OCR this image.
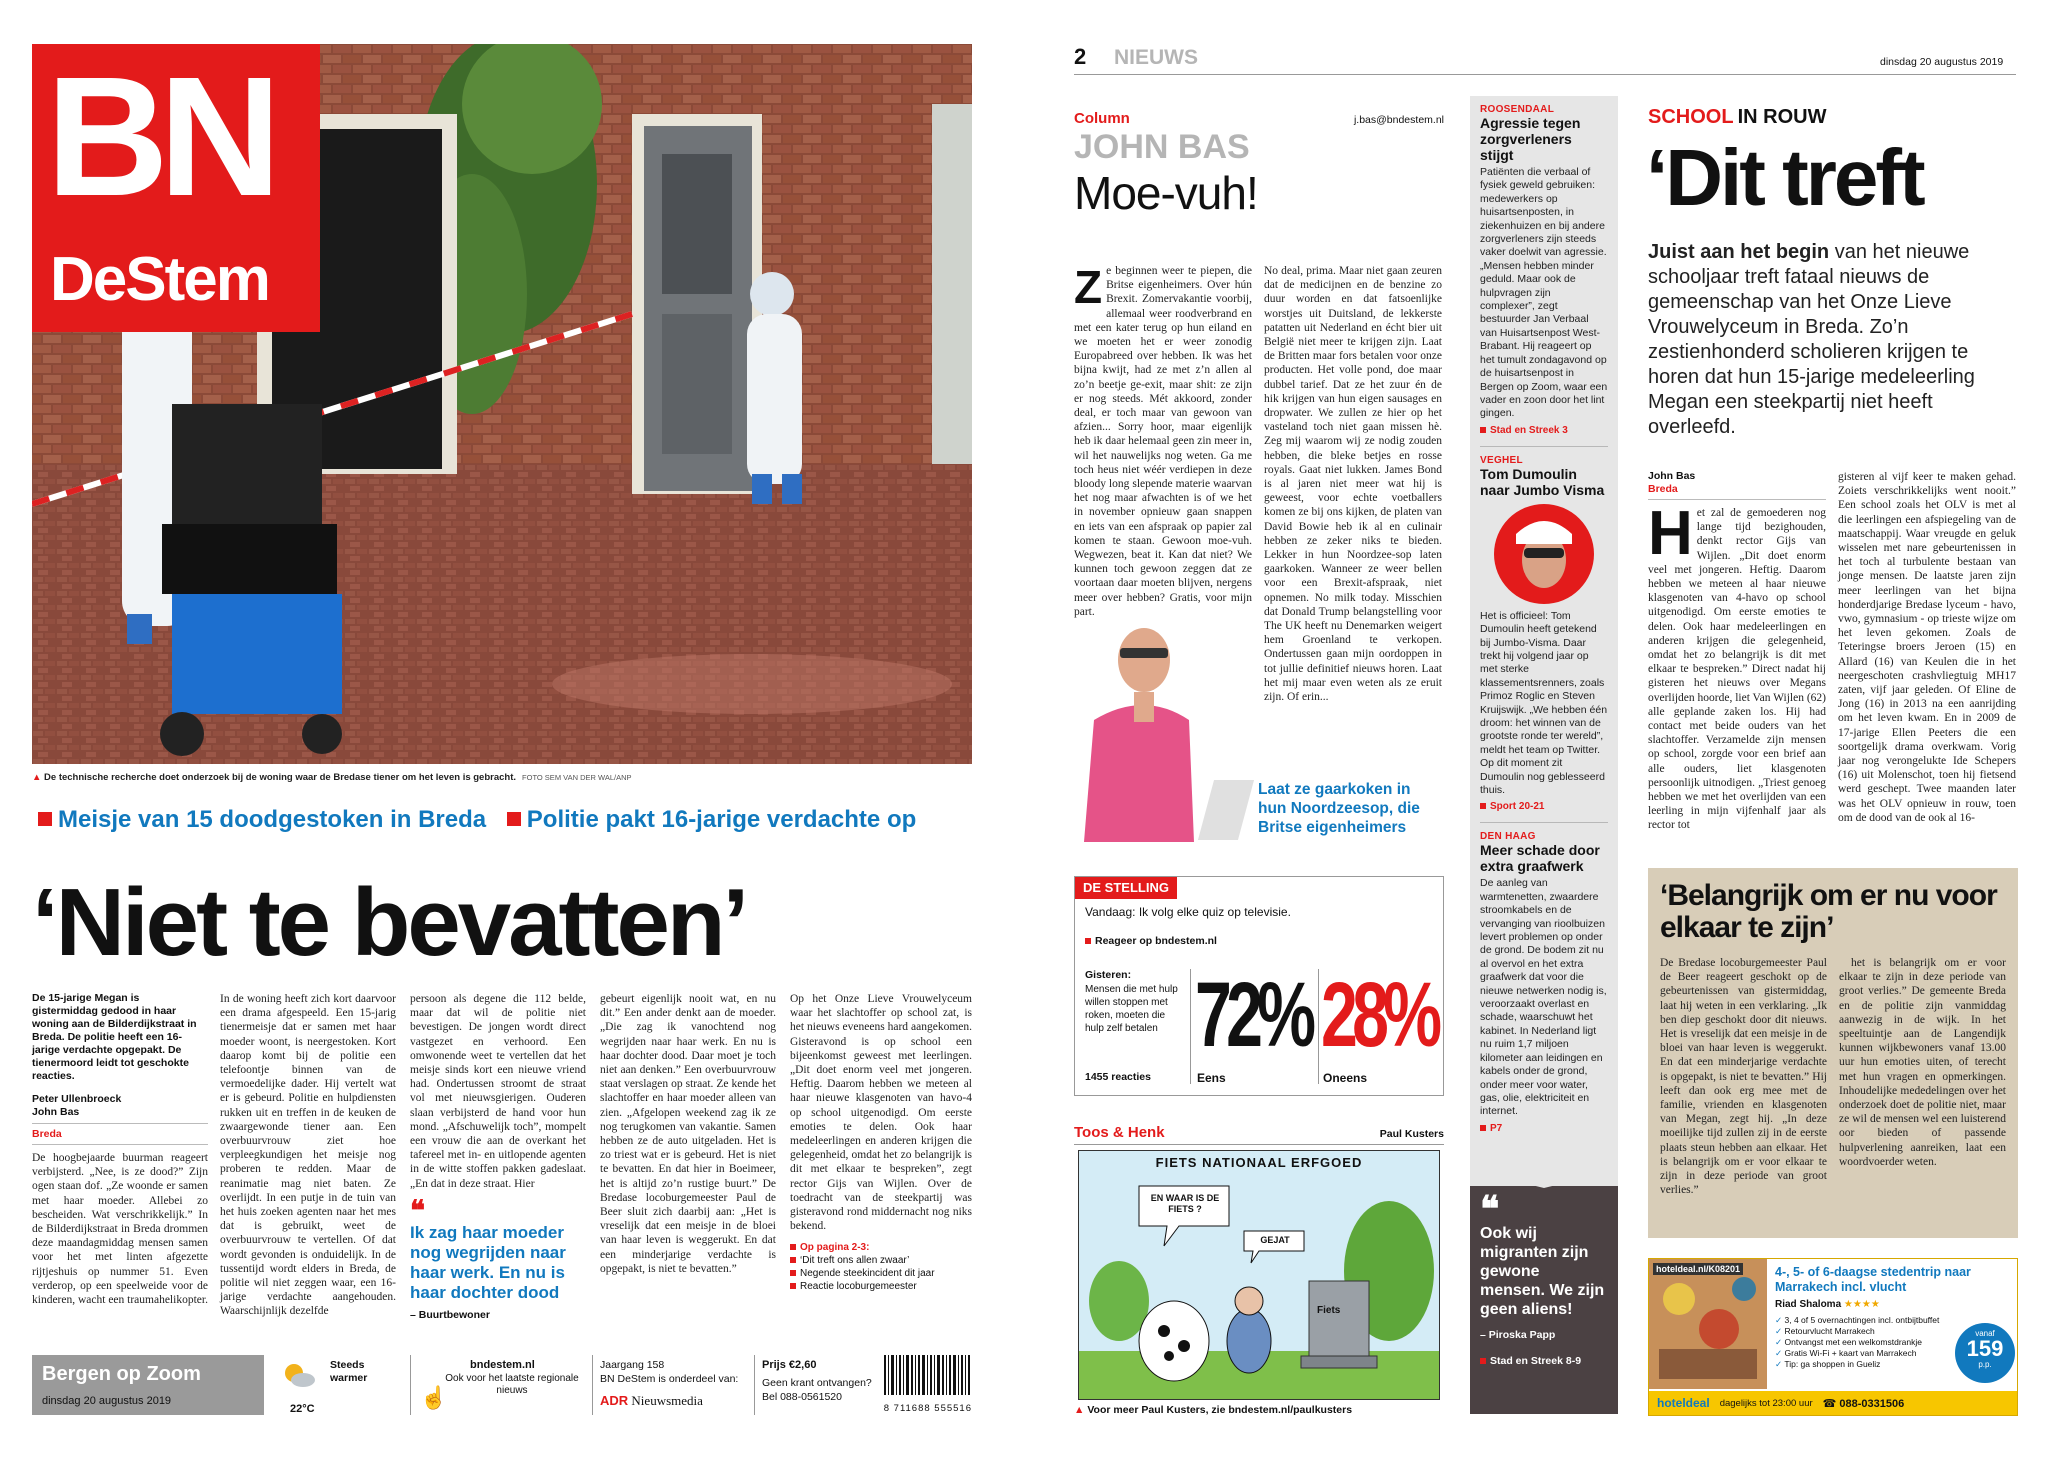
BN
DeStem
▲ De technische recherche doet onderzoek bij de woning waar de Bredase tiener om het leven is gebracht. FOTO SEM VAN DER WAL/ANP
Meisje van 15 doodgestoken in Breda Politie pakt 16-jarige verdachte op
‘Niet te bevatten’
De 15-jarige Megan is gistermiddag gedood in haar woning aan de Bilderdijkstraat in Breda. De politie heeft een 16-jarige verdachte opgepakt. De tienermoord leidt tot geschokte reacties.
Peter Ullenbroeck
John Bas
Breda

De hoogbejaarde buurman reageert verbijsterd. „Nee, is ze dood?” Zijn ogen staan dof. „Ze woonde er samen met haar moeder. Allebei zo bescheiden. Wat verschrikkelijk.” In de Bilderdijkstraat in Breda drommen deze maandagmiddag mensen samen voor het met linten afgezette rijtjeshuis op nummer 51. Even verderop, op een speelweide voor de kinderen, wacht een traumahelikopter.

In de woning heeft zich kort daarvoor een drama afgespeeld. Een 15-jarig tienermeisje dat er samen met haar moeder woont, is neergestoken. Kort daarop komt bij de politie een telefoontje binnen van de vermoedelijke dader. Hij vertelt wat er is gebeurd. Politie en hulpdiensten rukken uit en treffen in de keuken de zwaargewonde tiener aan. Een overbuurvrouw ziet hoe verpleegkundigen het meisje nog proberen te redden. Maar de reanimatie mag niet baten. Ze overlijdt. In een putje in de tuin van het huis zoeken agenten naar het mes dat is gebruikt, weet de overbuurvrouw te vertellen. Of dat wordt gevonden is onduidelijk. In de tussentijd wordt elders in Breda, de politie wil niet zeggen waar, een 16-jarige verdachte aangehouden. Waarschijnlijk dezelfde

persoon als degene die 112 belde, maar dat wil de politie niet bevestigen. De jongen wordt direct vastgezet en verhoord. Een omwonende weet te vertellen dat het meisje sinds kort een nieuwe vriend had. Ondertussen stroomt de straat vol met nieuwsgierigen. Ouderen slaan verbijsterd de hand voor hun mond. „Afschuwelijk toch”, mompelt een vrouw die aan de overkant het tafereel met in- en uitlopende agenten in de witte stoffen pakken gadeslaat. „En dat in deze straat. Hier

❝
Ik zag haar moeder nog wegrijden naar haar werk. En nu is haar dochter dood
– Buurtbewoner

gebeurt eigenlijk nooit wat, en nu dit.” Een ander denkt aan de moeder. „Die zag ik vanochtend nog wegrijden naar haar werk. En nu is haar dochter dood. Daar moet je toch niet aan denken.” Een overbuurvrouw staat verslagen op straat. Ze kende het slachtoffer en haar moeder alleen van zien. „Afgelopen weekend zag ik ze nog terugkomen van vakantie. Samen hebben ze de auto uitgeladen. Het is zo triest wat er is gebeurd. Het is niet te bevatten. En dat hier in Boeimeer, het is altijd zo’n rustige buurt.” De Bredase locoburgemeester Paul de Beer sluit zich daarbij aan: „Het is vreselijk dat een meisje in de bloei van haar leven is weggerukt. En dat een minderjarige verdachte is opgepakt, is niet te bevatten.”

Op het Onze Lieve Vrouwelyceum waar het slachtoffer op school zat, is het nieuws eveneens hard aangekomen. Gisteravond is op school een bijeenkomst geweest met leerlingen. „Dit doet enorm veel met jongeren. Heftig. Daarom hebben we meteen al haar nieuwe klasgenoten van havo-4 op school uitgenodigd. Om eerste emoties te delen. Ook haar medeleerlingen en anderen krijgen die gelegenheid, omdat het zo belangrijk is dit met elkaar te bespreken”, zegt rector Gijs van Wijlen. Over de toedracht van de steekpartij was gisteravond rond middernacht nog niks bekend.

Op pagina 2-3:
‘Dit treft ons allen zwaar’
Negende steekincident dit jaar
Reactie locoburgemeester
Bergen op Zoom
dinsdag 20 augustus 2019
Steeds warmer
22°C	☝
bndestem.nl
Ook voor het laatste regionale nieuws
Jaargang 158
BN DeStem is onderdeel van:
ADR Nieuwsmedia
Prijs €2,60
Geen krant ontvangen?
Bel 088-0561520
8 711688 555516
2 NIEUWS	dinsdag 20 augustus 2019
Column	j.bas@bndestem.nl
JOHN BAS
Moe-vuh!
Z e beginnen weer te piepen, die Britse eigenheimers. Over hún Brexit. Zomervakantie voorbij, allemaal weer roodverbrand en met een kater terug op hun eiland en we moeten het er weer zonodig Europabreed over hebben. Ik was het bijna kwijt, had ze met z’n allen al zo’n beetje ge-exit, maar shit: ze zijn er nog steeds. Mét akkoord, zonder deal, er toch maar van gewoon van afzien... Sorry hoor, maar eigenlijk heb ik daar helemaal geen zin meer in, wil het nauwelijks nog weten. Ga me toch heus niet wéér verdiepen in deze bloody long slepende materie waarvan het nog maar afwachten is of we het in november opnieuw gaan snappen en iets van een afspraak op papier zal komen te staan. Gewoon moe-vuh. Wegwezen, beat it. Kan dat niet? We kunnen toch gewoon zeggen dat ze voortaan daar moeten blijven, nergens meer over hebben? Gratis, voor mijn part.

No deal, prima. Maar niet gaan zeuren dat de medicijnen en de benzine zo duur worden en dat fatsoenlijke worstjes uit Duitsland, de lekkerste patatten uit Nederland en écht bier uit België niet meer te krijgen zijn. Laat de Britten maar fors betalen voor onze producten. Het volle pond, doe maar dubbel tarief. Dat ze het zuur én de hik krijgen van hun eigen sausages en dropwater. We zullen ze hier op het vasteland toch niet gaan missen hè. Zeg mij waarom wij ze nodig zouden hebben, die bleke betjes en rosse royals. Gaat niet lukken. James Bond is al jaren niet meer wat hij is geweest, voor echte voetballers komen ze bij ons kijken, de platen van David Bowie heb ik al en culinair hebben ze zeker niks te bieden. Lekker in hun Noordzee-sop laten gaarkoken. Wanneer ze weer bellen voor een Brexit-afspraak, niet opnemen. No milk today. Misschien dat Donald Trump belangstelling voor The UK heeft nu Denemarken weigert hem Groenland te verkopen. Ondertussen gaan mijn oordoppen in tot jullie definitief nieuws horen. Laat het mij maar even weten als ze eruit zijn. Of erin...

Laat ze gaarkoken in hun Noordzeesop, die Britse eigenheimers
DE STELLING
Vandaag: Ik volg elke quiz op televisie.
Reageer op bndestem.nl
Gisteren:
Mensen die met hulp willen stoppen met roken, moeten die hulp zelf betalen
1455 reacties
72%
Eens
28%
Oneens
Toos & Henk	Paul Kusters
FIETS NATIONAAL ERFGOED
EN WAAR IS DE FIETS ?
GEJAT
Fiets
▲ Voor meer Paul Kusters, zie bndestem.nl/paulkusters
ROOSENDAAL
Agressie tegen zorgverleners stijgt
Patiënten die verbaal of fysiek geweld gebruiken: medewerkers op huisartsenposten, in ziekenhuizen en bij andere zorgverleners zijn steeds vaker doelwit van agressie. „Mensen hebben minder geduld. Maar ook de hulpvragen zijn complexer”, zegt bestuurder Jan Verbaal van Huisartsenpost West-Brabant. Hij reageert op het tumult zondagavond op de huisartsenpost in Bergen op Zoom, waar een vader en zoon door het lint gingen.
Stad en Streek 3
VEGHEL
Tom Dumoulin naar Jumbo Visma
Het is officieel: Tom Dumoulin heeft getekend bij Jumbo-Visma. Daar trekt hij volgend jaar op met sterke klassementsrenners, zoals Primoz Roglic en Steven Kruijswijk. „We hebben één droom: het winnen van de grootste ronde ter wereld”, meldt het team op Twitter. Op dit moment zit Dumoulin nog geblesseerd thuis.
Sport 20-21
DEN HAAG
Meer schade door extra graafwerk
De aanleg van warmtenetten, zwaardere stroomkabels en de vervanging van rioolbuizen levert problemen op onder de grond. De bodem zit nu al overvol en het extra graafwerk dat voor die nieuwe netwerken nodig is, veroorzaakt overlast en schade, waarschuwt het kabinet. In Nederland ligt nu ruim 1,7 miljoen kilometer aan leidingen en kabels onder de grond, onder meer voor water, gas, olie, elektriciteit en internet.
P7
❝
Ook wij migranten zijn gewone mensen. We zijn geen aliens!
– Piroska Papp
Stad en Streek 8-9
SCHOOL IN ROUW
‘Dit treft
Juist aan het begin van het nieuwe schooljaar treft fataal nieuws de gemeenschap van het Onze Lieve Vrouwelyceum in Breda. Zo’n zestienhonderd scholieren krijgen te horen dat hun 15-jarige medeleerling Megan een steekpartij niet heeft overleefd.
John Bas
Breda
H et zal de gemoederen nog lange tijd bezighouden, denkt rector Gijs van Wijlen. „Dit doet enorm veel met jongeren. Heftig. Daarom hebben we meteen al haar nieuwe klasgenoten van 4-havo op school uitgenodigd. Om eerste emoties te delen. Ook haar medeleerlingen en anderen krijgen die gelegenheid, omdat het zo belangrijk is dit met elkaar te bespreken.” Direct nadat hij gisteren het nieuws over Megans overlijden hoorde, liet Van Wijlen (62) alle geplande zaken los. Hij had contact met beide ouders van het slachtoffer. Verzamelde zijn mensen op school, zorgde voor een brief aan alle ouders, liet klasgenoten persoonlijk uitnodigen. „Triest genoeg hebben we met het overlijden van een leerling in mijn vijfenhalf jaar als rector tot

gisteren al vijf keer te maken gehad. Zoiets verschrikkelijks went nooit.” Een school zoals het OLV is met al die leerlingen een afspiegeling van de maatschappij. Waar vreugde en geluk wisselen met nare gebeurtenissen in het toch al turbulente bestaan van jonge mensen. De laatste jaren zijn meer leerlingen van het bijna honderdjarige Bredase lyceum - havo, vwo, gymnasium - op trieste wijze om het leven gekomen. Zoals de Teteringse broers Jeroen (15) en Allard (16) van Keulen die in het neergeschoten crashvliegtuig MH17 zaten, vijf jaar geleden. Of Eline de Jong (16) in 2013 na een aanrijding om het leven kwam. En in 2009 de 17-jarige Ellen Peeters die een soortgelijk drama overkwam. Vorig jaar nog verongelukte Ide Schepers (16) uit Molenschot, toen hij fietsend werd geschept. Twee maanden later was het OLV opnieuw in rouw, toen om de dood van de ook al 16-

‘Belangrijk om er nu voor elkaar te zijn’

De Bredase locoburgemeester Paul de Beer reageert geschokt op de gebeurtenissen van gistermiddag, laat hij weten in een verklaring. „Ik ben diep geschokt door dit nieuws. Het is vreselijk dat een meisje in de bloei van haar leven is weggerukt. En dat een minderjarige verdachte is opgepakt, is niet te bevatten.” Hij leeft dan ook erg mee met de familie, vrienden en klasgenoten van Megan, zegt hij. „In deze moeilijke tijd zullen zij in de eerste plaats steun hebben aan elkaar. Het is belangrijk om er voor elkaar te zijn in deze periode van groot verlies.”

het is belangrijk om er voor elkaar te zijn in deze periode van groot verlies.” De gemeente Breda en de politie zijn vanmiddag aanwezig in de wijk. In het speeltuintje aan de Langendijk kunnen wijkbewoners vanaf 13.00 uur hun emoties uiten, of terecht met hun vragen en opmerkingen. Inhoudelijke mededelingen over het onderzoek doet de politie niet, maar ze wil de mensen wel een luisterend oor bieden of passende hulpverlening aanreiken, laat een woordvoerder weten.

hoteldeal.nl/K08201	4-, 5- of 6-daagse stedentrip naar Marrakech incl. vlucht
Riad Shaloma ★★★★
✓ 3, 4 of 5 overnachtingen incl. ontbijtbuffet
✓ Retourvlucht Marrakech
✓ Ontvangst met een welkomstdrankje
✓ Gratis Wi-Fi + kaart van Marrakech
✓ Tip: ga shoppen in Gueliz
vanaf
159
p.p.
hoteldeal dagelijks tot 23:00 uur ☎ 088-0331506
